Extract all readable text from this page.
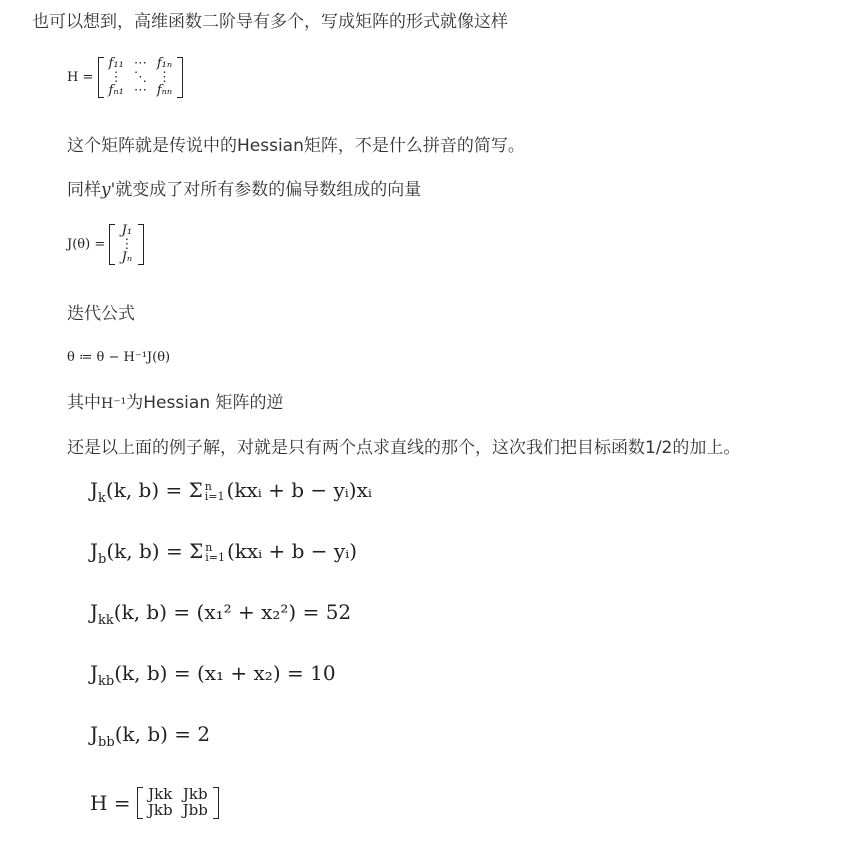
也可以想到，高维函数二阶导有多个，写成矩阵的形式就像这样
H =
f₁₁	⋯	f₁ₙ
⋮	⋱	⋮
fₙ₁	⋯	fₙₙ
这个矩阵就是传说中的Hessian矩阵，不是什么拼音的简写。
同样y'就变成了对所有参数的偏导数组成的向量
J(θ) =
J₁
⋮
Jₙ
迭代公式
θ ≔ θ − H⁻¹J(θ)
其中H⁻¹为Hessian 矩阵的逆
还是以上面的例子解，对就是只有两个点求直线的那个，这次我们把目标函数1/2的加上。
$J_k(k$, b) = Σ n
i=1 (kxᵢ + b − yᵢ)xᵢ
$J_b(k$, b) = Σ n
i=1 (kxᵢ + b − yᵢ)
$J_{kk}(k$, b) = (x₁² + x₂²) = 52
$J_{kb}(k$, b) = (x₁ + x₂) = 10
$J_{bb}(k$, b) = 2
H = Jkk	Jkb
Jkb	Jbb
